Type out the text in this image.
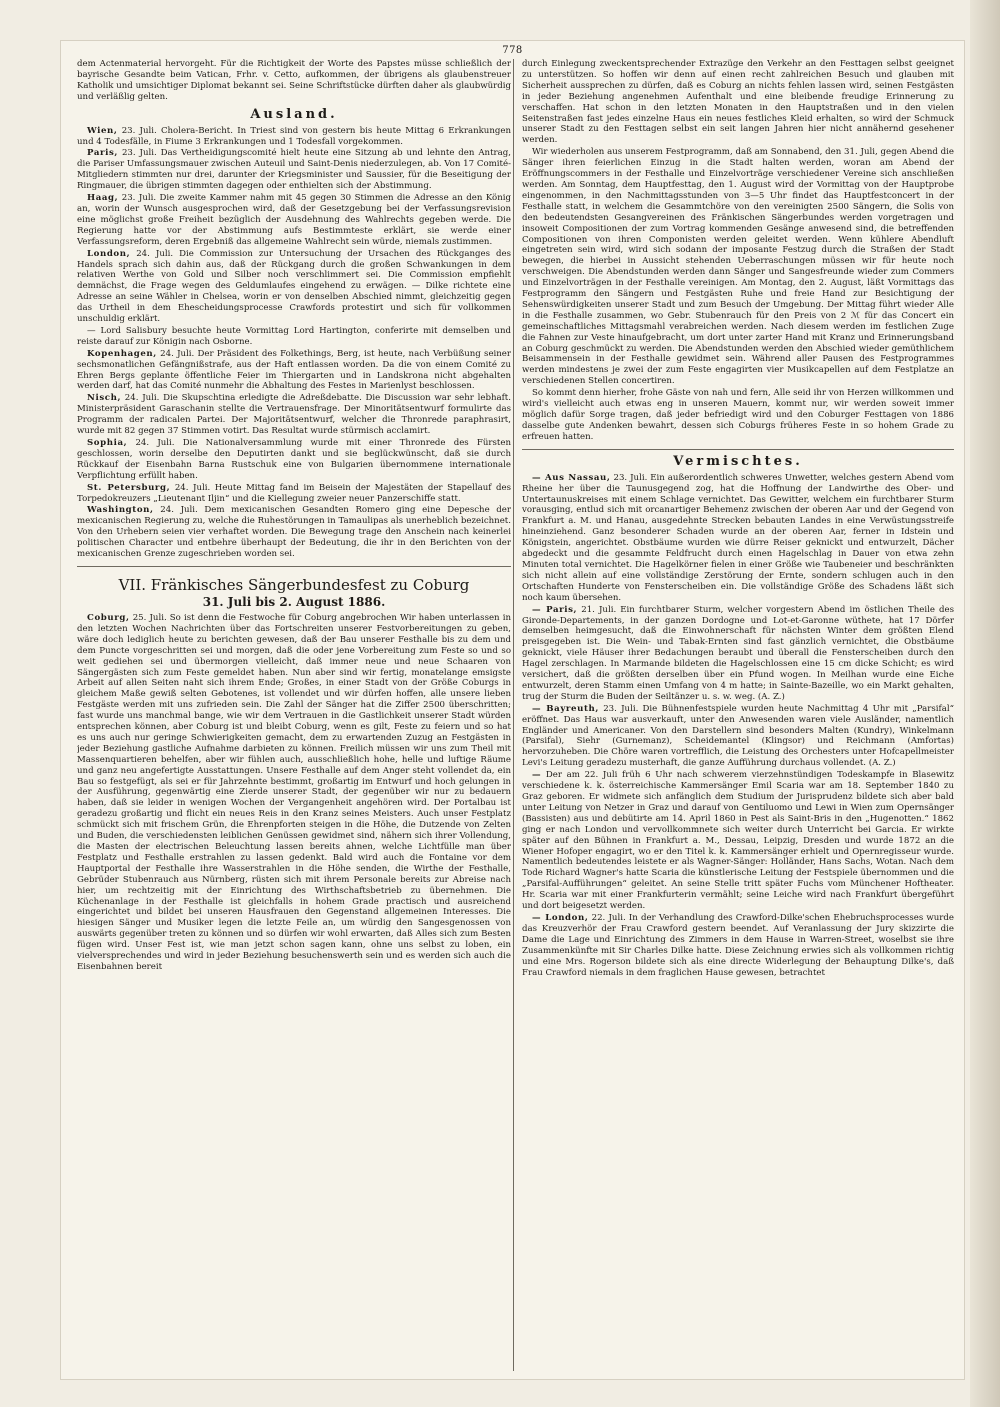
778

dem Actenmaterial hervorgeht. Für die Richtigkeit der Worte des Papstes müsse schließlich der bayrische Gesandte beim Vatican, Frhr. v. Cetto, aufkommen, der übrigens als glaubenstreuer Katholik und umsichtiger Diplomat bekannt sei. Seine Schriftstücke dürften daher als glaubwürdig und verläßlig gelten.

Ausland.

Wien, 23. Juli. Cholera-Bericht. In Triest sind von gestern bis heute Mittag 6 Erkrankungen und 4 Todesfälle, in Fiume 3 Erkrankungen und 1 Todesfall vorgekommen.

Paris, 23. Juli. Das Vertheidigungscomité hielt heute eine Sitzung ab und lehnte den Antrag, die Pariser Umfassungsmauer zwischen Auteuil und Saint-Denis niederzulegen, ab. Von 17 Comité-Mitgliedern stimmten nur drei, darunter der Kriegsminister und Saussier, für die Beseitigung der Ringmauer, die übrigen stimmten dagegen oder enthielten sich der Abstimmung.

Haag, 23. Juli. Die zweite Kammer nahm mit 45 gegen 30 Stimmen die Adresse an den König an, worin der Wunsch ausgesprochen wird, daß der Gesetzgebung bei der Verfassungsrevision eine möglichst große Freiheit bezüglich der Ausdehnung des Wahlrechts gegeben werde. Die Regierung hatte vor der Abstimmung aufs Bestimmteste erklärt, sie werde einer Verfassungsreform, deren Ergebniß das allgemeine Wahlrecht sein würde, niemals zustimmen.

London, 24. Juli. Die Commission zur Untersuchung der Ursachen des Rückganges des Handels sprach sich dahin aus, daß der Rückgang durch die großen Schwankungen in dem relativen Werthe von Gold und Silber noch verschlimmert sei. Die Commission empfiehlt demnächst, die Frage wegen des Geldumlaufes eingehend zu erwägen. — Dilke richtete eine Adresse an seine Wähler in Chelsea, worin er von denselben Abschied nimmt, gleichzeitig gegen das Urtheil in dem Ehescheidungsprocesse Crawfords protestirt und sich für vollkommen unschuldig erklärt.

— Lord Salisbury besuchte heute Vormittag Lord Hartington, conferirte mit demselben und reiste darauf zur Königin nach Osborne.

Kopenhagen, 24. Juli. Der Präsident des Folkethings, Berg, ist heute, nach Verbüßung seiner sechsmonatlichen Gefängnißstrafe, aus der Haft entlassen worden. Da die von einem Comité zu Ehren Bergs geplante öffentliche Feier im Thiergarten und in Landskrona nicht abgehalten werden darf, hat das Comité nunmehr die Abhaltung des Festes in Marienlyst beschlossen.

Nisch, 24. Juli. Die Skupschtina erledigte die Adreßdebatte. Die Discussion war sehr lebhaft. Ministerpräsident Garaschanin stellte die Vertrauensfrage. Der Minoritätsentwurf formulirte das Programm der radicalen Partei. Der Majoritätsentwurf, welcher die Thronrede paraphrasirt, wurde mit 82 gegen 37 Stimmen votirt. Das Resultat wurde stürmisch acclamirt.

Sophia, 24. Juli. Die Nationalversammlung wurde mit einer Thronrede des Fürsten geschlossen, worin derselbe den Deputirten dankt und sie beglückwünscht, daß sie durch Rückkauf der Eisenbahn Barna Rustschuk eine von Bulgarien übernommene internationale Verpflichtung erfüllt haben.

St. Petersburg, 24. Juli. Heute Mittag fand im Beisein der Majestäten der Stapellauf des Torpedokreuzers „Lieutenant Iljin“ und die Kiellegung zweier neuer Panzerschiffe statt.

Washington, 24. Juli. Dem mexicanischen Gesandten Romero ging eine Depesche der mexicanischen Regierung zu, welche die Ruhestörungen in Tamaulipas als unerheblich bezeichnet. Von den Urhebern seien vier verhaftet worden. Die Bewegung trage den Anschein nach keinerlei politischen Character und entbehre überhaupt der Bedeutung, die ihr in den Berichten von der mexicanischen Grenze zugeschrieben worden sei.

VII. Fränkisches Sängerbundesfest zu Coburg
31. Juli bis 2. August 1886.

Coburg, 25. Juli. So ist denn die Festwoche für Coburg angebrochen Wir haben unterlassen in den letzten Wochen Nachrichten über das Fortschreiten unserer Festvorbereitungen zu geben, wäre doch lediglich heute zu berichten gewesen, daß der Bau unserer Festhalle bis zu dem und dem Puncte vorgeschritten sei und morgen, daß die oder jene Vorbereitung zum Feste so und so weit gediehen sei und übermorgen vielleicht, daß immer neue und neue Schaaren von Sängergästen sich zum Feste gemeldet haben. Nun aber sind wir fertig, monatelange emsigste Arbeit auf allen Seiten naht sich ihrem Ende; Großes, in einer Stadt von der Größe Coburgs in gleichem Maße gewiß selten Gebotenes, ist vollendet und wir dürfen hoffen, alle unsere lieben Festgäste werden mit uns zufrieden sein. Die Zahl der Sänger hat die Ziffer 2500 überschritten; fast wurde uns manchmal bange, wie wir dem Vertrauen in die Gastlichkeit unserer Stadt würden entsprechen können, aber Coburg ist und bleibt Coburg, wenn es gilt, Feste zu feiern und so hat es uns auch nur geringe Schwierigkeiten gemacht, dem zu erwartenden Zuzug an Festgästen in jeder Beziehung gastliche Aufnahme darbieten zu können. Freilich müssen wir uns zum Theil mit Massenquartieren behelfen, aber wir fühlen auch, ausschließlich hohe, helle und luftige Räume und ganz neu angefertigte Ausstattungen. Unsere Festhalle auf dem Anger steht vollendet da, ein Bau so festgefügt, als sei er für Jahrzehnte bestimmt, großartig im Entwurf und hoch gelungen in der Ausführung, gegenwärtig eine Zierde unserer Stadt, der gegenüber wir nur zu bedauern haben, daß sie leider in wenigen Wochen der Vergangenheit angehören wird. Der Portalbau ist geradezu großartig und flicht ein neues Reis in den Kranz seines Meisters. Auch unser Festplatz schmückt sich mit frischem Grün, die Ehrenpforten steigen in die Höhe, die Dutzende von Zelten und Buden, die verschiedensten leiblichen Genüssen gewidmet sind, nähern sich ihrer Vollendung, die Masten der electrischen Beleuchtung lassen bereits ahnen, welche Lichtfülle man über Festplatz und Festhalle erstrahlen zu lassen gedenkt. Bald wird auch die Fontaine vor dem Hauptportal der Festhalle ihre Wasserstrahlen in die Höhe senden, die Wirthe der Festhalle, Gebrüder Stubenrauch aus Nürnberg, rüsten sich mit ihrem Personale bereits zur Abreise nach hier, um rechtzeitig mit der Einrichtung des Wirthschaftsbetrieb zu übernehmen. Die Küchenanlage in der Festhalle ist gleichfalls in hohem Grade practisch und ausreichend eingerichtet und bildet bei unseren Hausfrauen den Gegenstand allgemeinen Interesses. Die hiesigen Sänger und Musiker legen die letzte Feile an, um würdig den Sangesgenossen von auswärts gegenüber treten zu können und so dürfen wir wohl erwarten, daß Alles sich zum Besten fügen wird. Unser Fest ist, wie man jetzt schon sagen kann, ohne uns selbst zu loben, ein vielversprechendes und wird in jeder Beziehung besuchenswerth sein und es werden sich auch die Eisenbahnen bereit

durch Einlegung zweckentsprechender Extrazüge den Verkehr an den Festtagen selbst geeignet zu unterstützen. So hoffen wir denn auf einen recht zahlreichen Besuch und glauben mit Sicherheit aussprechen zu dürfen, daß es Coburg an nichts fehlen lassen wird, seinen Festgästen in jeder Beziehung angenehmen Aufenthalt und eine bleibende freudige Erinnerung zu verschaffen. Hat schon in den letzten Monaten in den Hauptstraßen und in den vielen Seitenstraßen fast jedes einzelne Haus ein neues festliches Kleid erhalten, so wird der Schmuck unserer Stadt zu den Festtagen selbst ein seit langen Jahren hier nicht annähernd gesehener werden.

Wir wiederholen aus unserem Festprogramm, daß am Sonnabend, den 31. Juli, gegen Abend die Sänger ihren feierlichen Einzug in die Stadt halten werden, woran am Abend der Eröffnungscommers in der Festhalle und Einzelvorträge verschiedener Vereine sich anschließen werden. Am Sonntag, dem Hauptfesttag, den 1. August wird der Vormittag von der Hauptprobe eingenommen, in den Nachmittagsstunden von 3—5 Uhr findet das Hauptfestconcert in der Festhalle statt, in welchem die Gesammtchöre von den vereinigten 2500 Sängern, die Solis von den bedeutendsten Gesangvereinen des Fränkischen Sängerbundes werden vorgetragen und insoweit Compositionen der zum Vortrag kommenden Gesänge anwesend sind, die betreffenden Compositionen von ihren Componisten werden geleitet werden. Wenn kühlere Abendluft eingetreten sein wird, wird sich sodann der imposante Festzug durch die Straßen der Stadt bewegen, die hierbei in Aussicht stehenden Ueberraschungen müssen wir für heute noch verschweigen. Die Abendstunden werden dann Sänger und Sangesfreunde wieder zum Commers und Einzelvorträgen in der Festhalle vereinigen. Am Montag, den 2. August, läßt Vormittags das Festprogramm den Sängern und Festgästen Ruhe und freie Hand zur Besichtigung der Sehenswürdigkeiten unserer Stadt und zum Besuch der Umgebung. Der Mittag führt wieder Alle in die Festhalle zusammen, wo Gebr. Stubenrauch für den Preis von 2 ℳ für das Concert ein gemeinschaftliches Mittagsmahl verabreichen werden. Nach diesem werden im festlichen Zuge die Fahnen zur Veste hinaufgebracht, um dort unter zarter Hand mit Kranz und Erinnerungsband an Coburg geschmückt zu werden. Die Abendstunden werden den Abschied wieder gemüthlichem Beisammensein in der Festhalle gewidmet sein. Während aller Pausen des Festprogrammes werden mindestens je zwei der zum Feste engagirten vier Musikcapellen auf dem Festplatze an verschiedenen Stellen concertiren.

So kommt denn hierher, frohe Gäste von nah und fern, Alle seid ihr von Herzen willkommen und wird's vielleicht auch etwas eng in unseren Mauern, kommt nur, wir werden soweit immer möglich dafür Sorge tragen, daß jeder befriedigt wird und den Coburger Festtagen von 1886 dasselbe gute Andenken bewahrt, dessen sich Coburgs früheres Feste in so hohem Grade zu erfreuen hatten.

Vermischtes.

— Aus Nassau, 23. Juli. Ein außerordentlich schweres Unwetter, welches gestern Abend vom Rheine her über die Taunusgegend zog, hat die Hoffnung der Landwirthe des Ober- und Untertaunuskreises mit einem Schlage vernichtet. Das Gewitter, welchem ein furchtbarer Sturm vorausging, entlud sich mit orcanartiger Behemenz zwischen der oberen Aar und der Gegend von Frankfurt a. M. und Hanau, ausgedehnte Strecken bebauten Landes in eine Verwüstungsstreife hineinziehend. Ganz besonderer Schaden wurde an der oberen Aar, ferner in Idstein und Königstein, angerichtet. Obstbäume wurden wie dürre Reiser geknickt und entwurzelt, Dächer abgedeckt und die gesammte Feldfrucht durch einen Hagelschlag in Dauer von etwa zehn Minuten total vernichtet. Die Hagelkörner fielen in einer Größe wie Taubeneier und beschränkten sich nicht allein auf eine vollständige Zerstörung der Ernte, sondern schlugen auch in den Ortschaften Hunderte von Fensterscheiben ein. Die vollständige Größe des Schadens läßt sich noch kaum übersehen.

— Paris, 21. Juli. Ein furchtbarer Sturm, welcher vorgestern Abend im östlichen Theile des Gironde-Departements, in der ganzen Dordogne und Lot-et-Garonne wüthete, hat 17 Dörfer demselben heimgesucht, daß die Einwohnerschaft für nächsten Winter dem größten Elend preisgegeben ist. Die Wein- und Tabak-Ernten sind fast gänzlich vernichtet, die Obstbäume geknickt, viele Häuser ihrer Bedachungen beraubt und überall die Fensterscheiben durch den Hagel zerschlagen. In Marmande bildeten die Hagelschlossen eine 15 cm dicke Schicht; es wird versichert, daß die größten derselben über ein Pfund wogen. In Meilhan wurde eine Eiche entwurzelt, deren Stamm einen Umfang von 4 m hatte; in Sainte-Bazeille, wo ein Markt gehalten, trug der Sturm die Buden der Seiltänzer u. s. w. weg. (A. Z.)

— Bayreuth, 23. Juli. Die Bühnenfestspiele wurden heute Nachmittag 4 Uhr mit „Parsifal“ eröffnet. Das Haus war ausverkauft, unter den Anwesenden waren viele Ausländer, namentlich Engländer und Americaner. Von den Darstellern sind besonders Malten (Kundry), Winkelmann (Parsifal), Siehr (Gurnemanz), Scheidemantel (Klingsor) und Reichmann (Amfortas) hervorzuheben. Die Chöre waren vortrefflich, die Leistung des Orchesters unter Hofcapellmeister Levi's Leitung geradezu musterhaft, die ganze Aufführung durchaus vollendet. (A. Z.)

— Der am 22. Juli früh 6 Uhr nach schwerem vierzehnstündigen Todeskampfe in Blasewitz verschiedene k. k. österreichische Kammersänger Emil Scaria war am 18. September 1840 zu Graz geboren. Er widmete sich anfänglich dem Studium der Jurisprudenz bildete sich aber bald unter Leitung von Netzer in Graz und darauf von Gentiluomo und Lewi in Wien zum Opernsänger (Bassisten) aus und debütirte am 14. April 1860 in Pest als Saint-Bris in den „Hugenotten.“ 1862 ging er nach London und vervollkommnete sich weiter durch Unterricht bei Garcia. Er wirkte später auf den Bühnen in Frankfurt a. M., Dessau, Leipzig, Dresden und wurde 1872 an die Wiener Hofoper engagirt, wo er den Titel k. k. Kammersänger erhielt und Opernregisseur wurde. Namentlich bedeutendes leistete er als Wagner-Sänger: Holländer, Hans Sachs, Wotan. Nach dem Tode Richard Wagner's hatte Scaria die künstlerische Leitung der Festspiele übernommen und die „Parsifal-Aufführungen“ geleitet. An seine Stelle tritt später Fuchs vom Münchener Hoftheater. Hr. Scaria war mit einer Frankfurterin vermählt; seine Leiche wird nach Frankfurt übergeführt und dort beigesetzt werden.

— London, 22. Juli. In der Verhandlung des Crawford-Dilke'schen Ehebruchsprocesses wurde das Kreuzverhör der Frau Crawford gestern beendet. Auf Veranlassung der Jury skizzirte die Dame die Lage und Einrichtung des Zimmers in dem Hause in Warren-Street, woselbst sie ihre Zusammenkünfte mit Sir Charles Dilke hatte. Diese Zeichnung erwies sich als vollkommen richtig und eine Mrs. Rogerson bildete sich als eine directe Widerlegung der Behauptung Dilke's, daß Frau Crawford niemals in dem fraglichen Hause gewesen, betrachtet
